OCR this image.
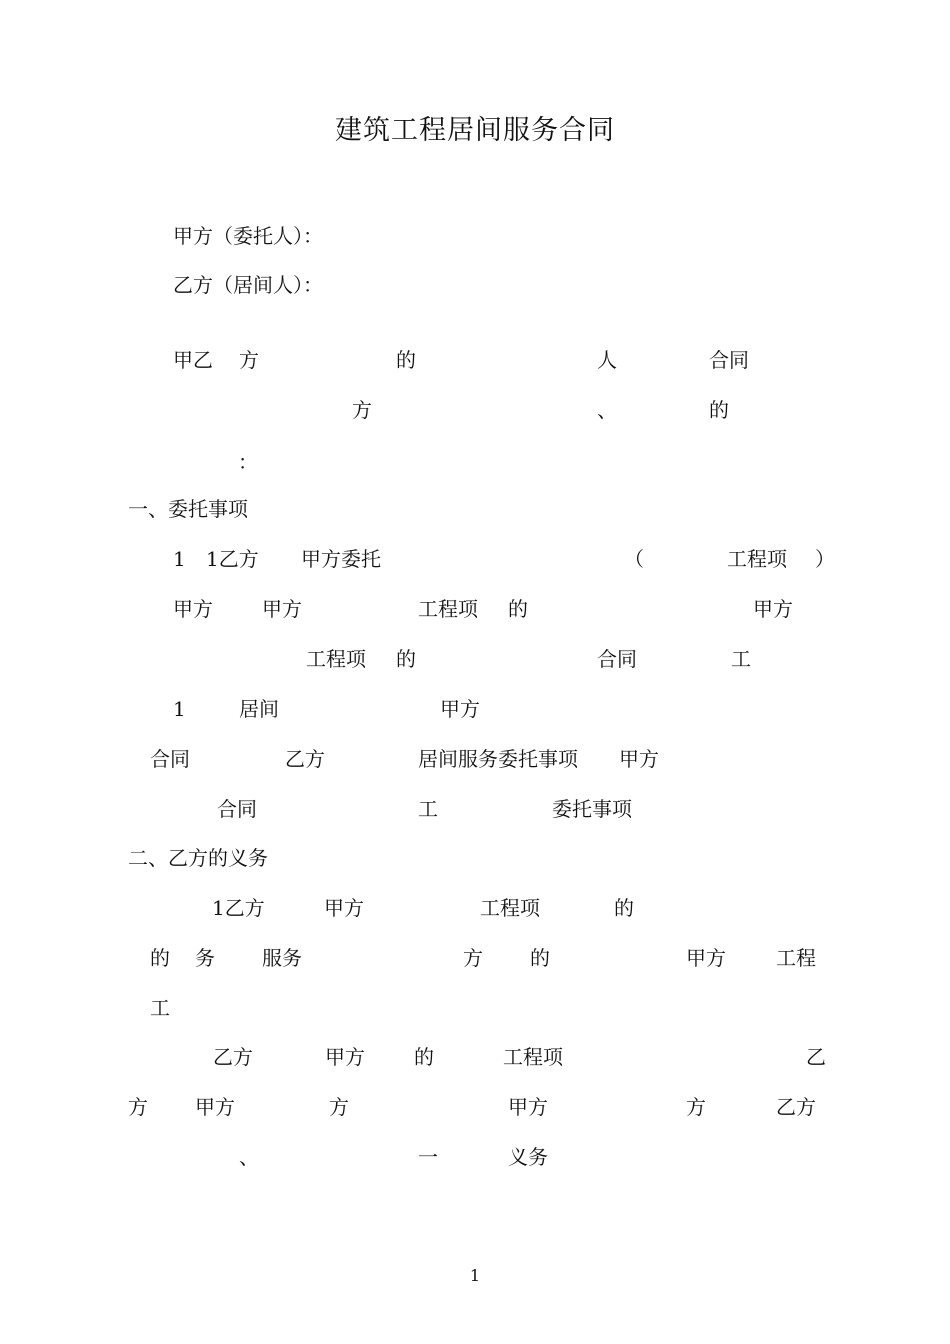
建筑工程居间服务合同
甲方（委托人）：
乙方（居间人）：
甲乙 方	的	人	合同
方	、	的
：
一、委托事项
1 1乙方 甲方委托	（	工程项 ）
甲方 甲方	工程项 的	甲方
工程项 的	合同	工
1	居间	甲方
合同	乙方	居间服务委托事项 甲方
合同	工	委托事项
二、乙方的义务
1乙方	甲方	工程项	的
的 务 服务	方 的	甲方	工程
工
乙方	甲方 的	工程项	乙
方 甲方	方	甲方	方	乙方
、	一	义务
1
